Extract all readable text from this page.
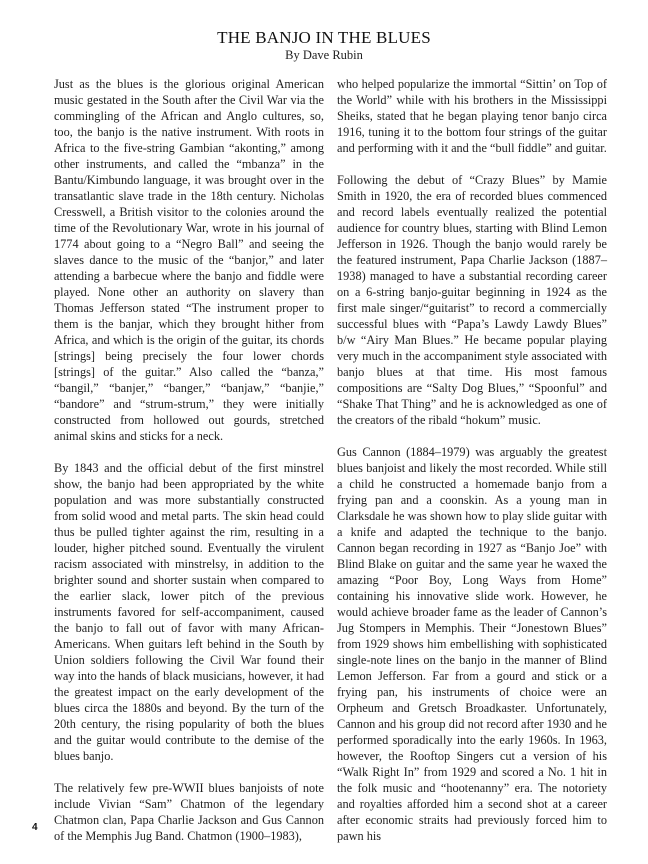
THE BANJO IN THE BLUES
By Dave Rubin

Just as the blues is the glorious original American music gestated in the South after the Civil War via the commingling of the African and Anglo cultures, so, too, the banjo is the native instrument. With roots in Africa to the five-string Gambian “akonting,” among other instruments, and called the “mbanza” in the Bantu/Kimbundo language, it was brought over in the transatlantic slave trade in the 18th century. Nicholas Cresswell, a British visitor to the colonies around the time of the Revolutionary War, wrote in his journal of 1774 about going to a “Negro Ball” and seeing the slaves dance to the music of the “banjor,” and later attending a barbecue where the banjo and fiddle were played. None other an authority on slavery than Thomas Jefferson stated “The instrument proper to them is the banjar, which they brought hither from Africa, and which is the origin of the guitar, its chords [strings] being precisely the four lower chords [strings] of the guitar.” Also called the “banza,” “bangil,” “banjer,” “banger,” “banjaw,” “banjie,” “bandore” and “strum-strum,” they were initially constructed from hollowed out gourds, stretched animal skins and sticks for a neck.

By 1843 and the official debut of the first minstrel show, the banjo had been appropriated by the white population and was more substantially constructed from solid wood and metal parts. The skin head could thus be pulled tighter against the rim, resulting in a louder, higher pitched sound. Eventually the virulent racism associated with minstrelsy, in addition to the brighter sound and shorter sustain when compared to the earlier slack, lower pitch of the previous instruments favored for self-accompaniment, caused the banjo to fall out of favor with many African-Americans. When guitars left behind in the South by Union soldiers following the Civil War found their way into the hands of black musicians, however, it had the greatest impact on the early development of the blues circa the 1880s and beyond. By the turn of the 20th century, the rising popularity of both the blues and the guitar would contribute to the demise of the blues banjo.

The relatively few pre-WWII blues banjoists of note include Vivian “Sam” Chatmon of the legendary Chatmon clan, Papa Charlie Jackson and Gus Cannon of the Memphis Jug Band. Chatmon (1900–1983),

who helped popularize the immortal “Sittin’ on Top of the World” while with his brothers in the Mississippi Sheiks, stated that he began playing tenor banjo circa 1916, tuning it to the bottom four strings of the guitar and performing with it and the “bull fiddle” and guitar.

Following the debut of “Crazy Blues” by Mamie Smith in 1920, the era of recorded blues commenced and record labels eventually realized the potential audience for country blues, starting with Blind Lemon Jefferson in 1926. Though the banjo would rarely be the featured instrument, Papa Charlie Jackson (1887–1938) managed to have a substantial recording career on a 6-string banjo-guitar beginning in 1924 as the first male singer/“guitarist” to record a commercially successful blues with “Papa’s Lawdy Lawdy Blues” b/w “Airy Man Blues.” He became popular playing very much in the accompaniment style associated with banjo blues at that time. His most famous compositions are “Salty Dog Blues,” “Spoonful” and “Shake That Thing” and he is acknowledged as one of the creators of the ribald “hokum” music.

Gus Cannon (1884–1979) was arguably the greatest blues banjoist and likely the most recorded. While still a child he constructed a homemade banjo from a frying pan and a coonskin. As a young man in Clarksdale he was shown how to play slide guitar with a knife and adapted the technique to the banjo. Cannon began recording in 1927 as “Banjo Joe” with Blind Blake on guitar and the same year he waxed the amazing “Poor Boy, Long Ways from Home” containing his innovative slide work. However, he would achieve broader fame as the leader of Cannon’s Jug Stompers in Memphis. Their “Jonestown Blues” from 1929 shows him embellishing with sophisticated single-note lines on the banjo in the manner of Blind Lemon Jefferson. Far from a gourd and stick or a frying pan, his instruments of choice were an Orpheum and Gretsch Broadkaster. Unfortunately, Cannon and his group did not record after 1930 and he performed sporadically into the early 1960s. In 1963, however, the Rooftop Singers cut a version of his “Walk Right In” from 1929 and scored a No. 1 hit in the folk music and “hootenanny” era. The notoriety and royalties afforded him a second shot at a career after economic straits had previously forced him to pawn his

4
